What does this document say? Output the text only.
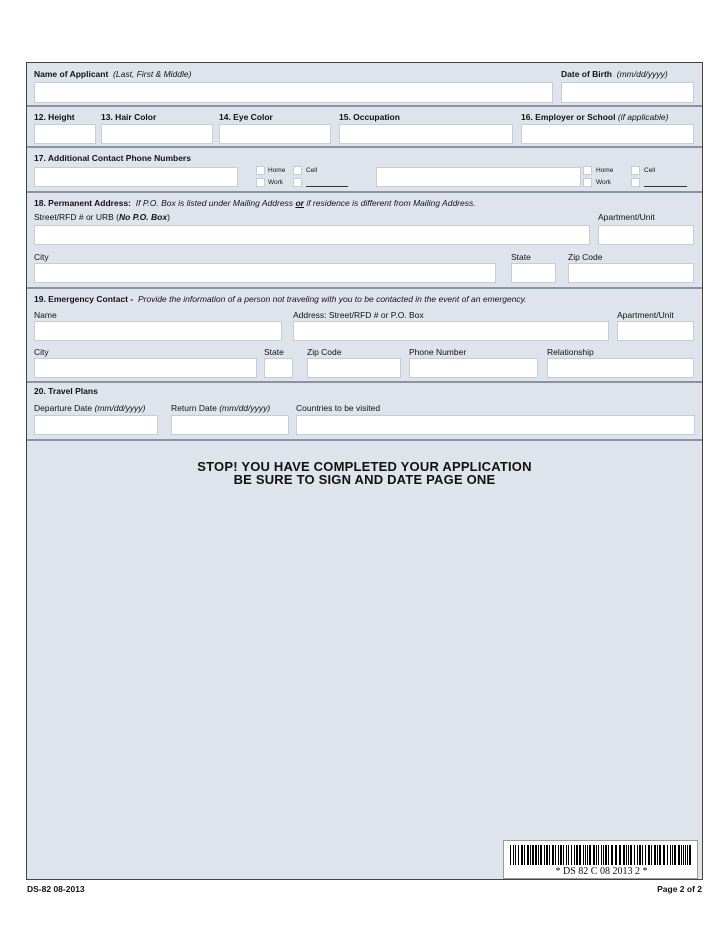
Name of Applicant (Last, First & Middle)	Date of Birth (mm/dd/yyyy)
12. Height	13. Hair Color	14. Eye Color	15. Occupation	16. Employer or School (if applicable)
17. Additional Contact Phone Numbers
Home	Cell
Work
Home	Cell
Work
18. Permanent Address: If P.O. Box is listed under Mailing Address or if residence is different from Mailing Address.
Street/RFD # or URB (No P.O. Box)	Apartment/Unit
City	State	Zip Code
19. Emergency Contact - Provide the information of a person not traveling with you to be contacted in the event of an emergency.
Name	Address: Street/RFD # or P.O. Box	Apartment/Unit
City	State	Zip Code	Phone Number	Relationship
20. Travel Plans
Departure Date (mm/dd/yyyy)	Return Date (mm/dd/yyyy)	Countries to be visited
STOP! YOU HAVE COMPLETED YOUR APPLICATION
BE SURE TO SIGN AND DATE PAGE ONE
* DS 82 C 08 2013 2 *
DS-82 08-2013	Page 2 of 2
